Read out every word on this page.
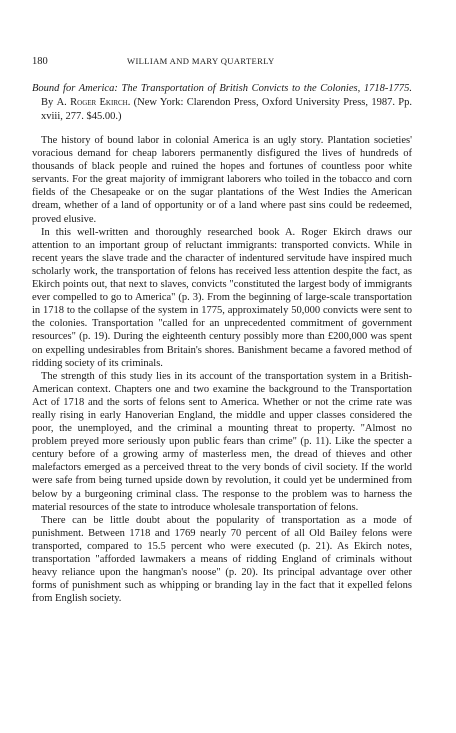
180	WILLIAM AND MARY QUARTERLY

Bound for America: The Transportation of British Convicts to the Colonies, 1718-1775. By A. Roger Ekirch. (New York: Clarendon Press, Oxford University Press, 1987. Pp. xviii, 277. $45.00.)

The history of bound labor in colonial America is an ugly story. Plantation societies' voracious demand for cheap laborers permanently disfigured the lives of hundreds of thousands of black people and ruined the hopes and fortunes of countless poor white servants. For the great majority of immigrant laborers who toiled in the tobacco and corn fields of the Chesapeake or on the sugar plantations of the West Indies the American dream, whether of a land of opportunity or of a land where past sins could be redeemed, proved elusive.

In this well-written and thoroughly researched book A. Roger Ekirch draws our attention to an important group of reluctant immigrants: transported convicts. While in recent years the slave trade and the character of indentured servitude have inspired much scholarly work, the transportation of felons has received less attention despite the fact, as Ekirch points out, that next to slaves, convicts "constituted the largest body of immigrants ever compelled to go to America" (p. 3). From the beginning of large-scale transportation in 1718 to the collapse of the system in 1775, approximately 50,000 convicts were sent to the colonies. Transportation "called for an unprecedented commitment of government resources" (p. 19). During the eighteenth century possibly more than £200,000 was spent on expelling undesirables from Britain's shores. Banishment became a favored method of ridding society of its criminals.

The strength of this study lies in its account of the transportation system in a British-American context. Chapters one and two examine the background to the Transportation Act of 1718 and the sorts of felons sent to America. Whether or not the crime rate was really rising in early Hanoverian England, the middle and upper classes considered the poor, the unemployed, and the criminal a mounting threat to property. "Almost no problem preyed more seriously upon public fears than crime" (p. 11). Like the specter a century before of a growing army of masterless men, the dread of thieves and other malefactors emerged as a perceived threat to the very bonds of civil society. If the world were safe from being turned upside down by revolution, it could yet be undermined from below by a burgeoning criminal class. The response to the problem was to harness the material resources of the state to introduce wholesale transportation of felons.

There can be little doubt about the popularity of transportation as a mode of punishment. Between 1718 and 1769 nearly 70 percent of all Old Bailey felons were transported, compared to 15.5 percent who were executed (p. 21). As Ekirch notes, transportation "afforded lawmakers a means of ridding England of criminals without heavy reliance upon the hangman's noose" (p. 20). Its principal advantage over other forms of punishment such as whipping or branding lay in the fact that it expelled felons from English society.
